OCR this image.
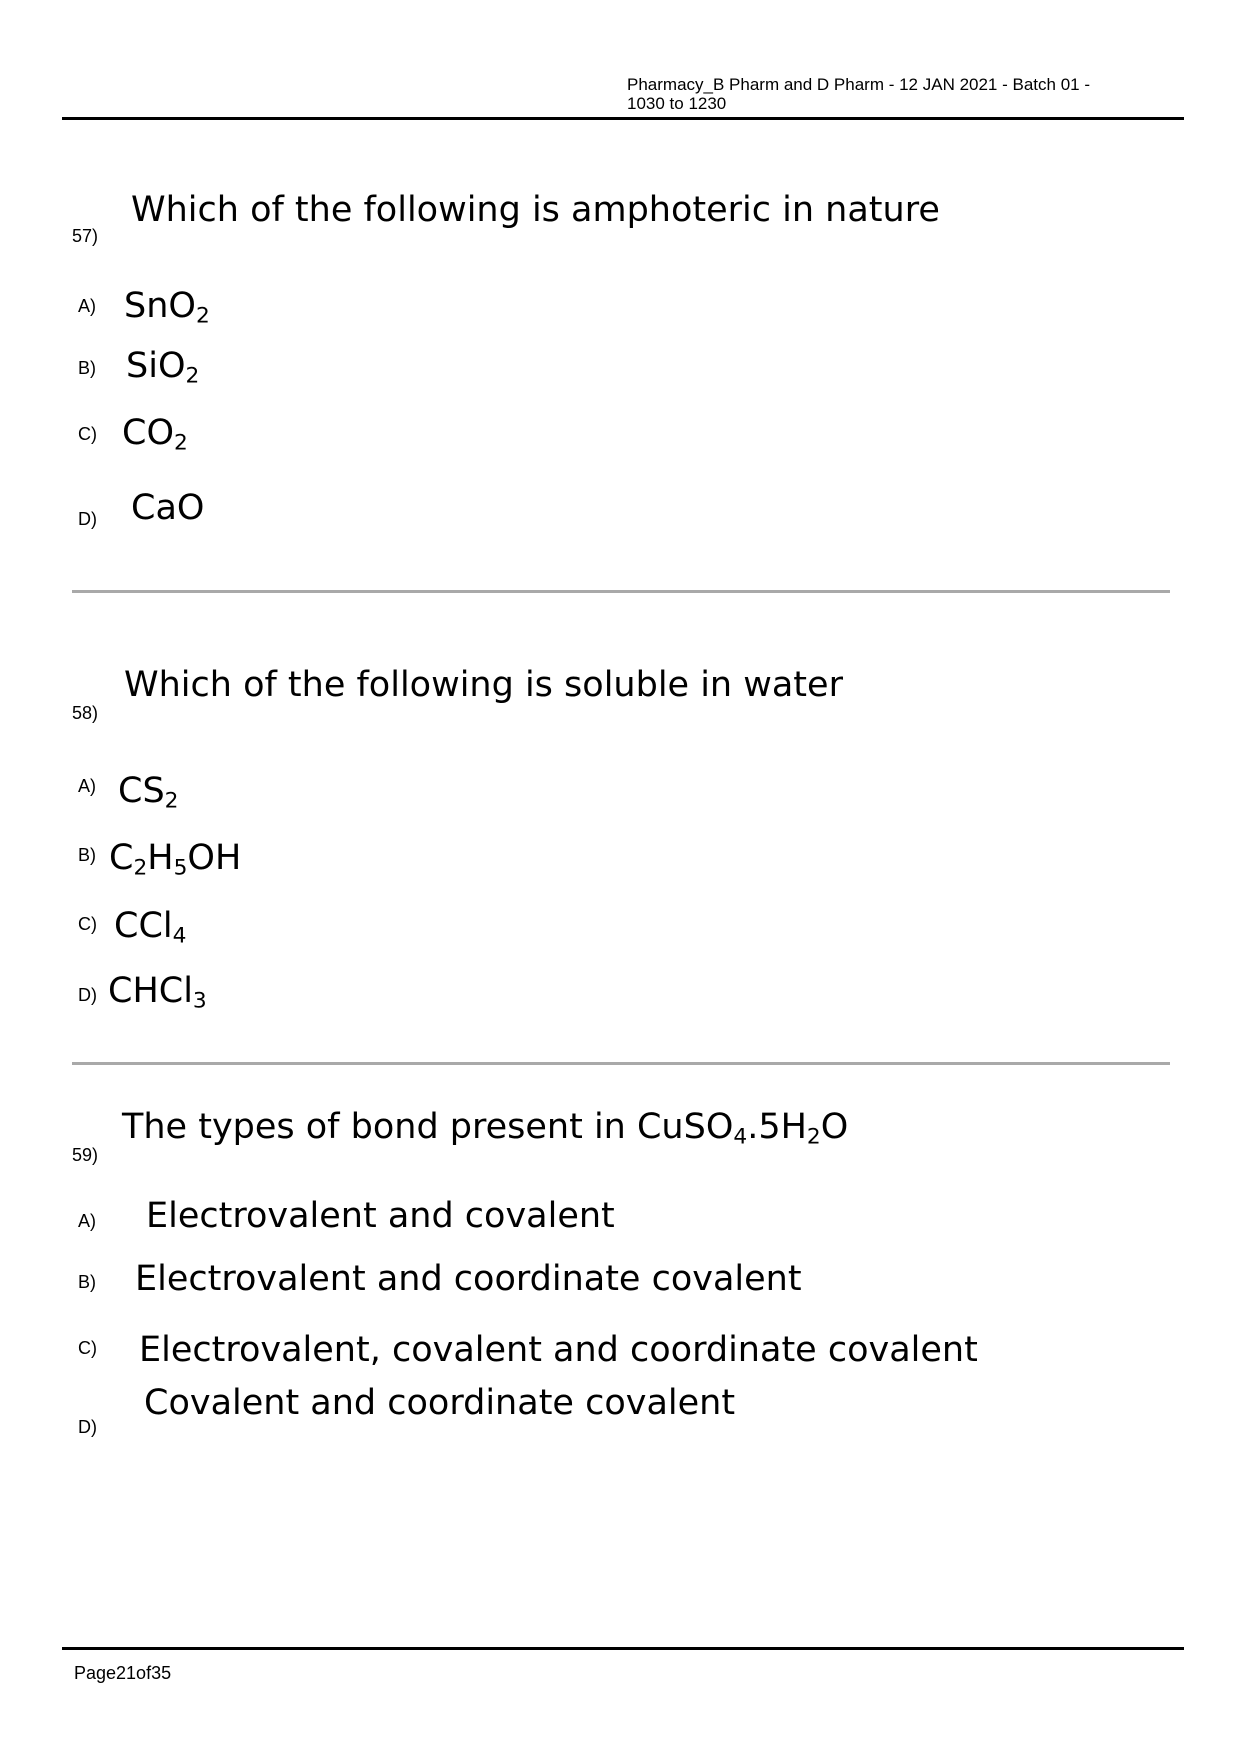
Pharmacy_B Pharm and D Pharm - 12 JAN 2021 - Batch 01 -
1030 to 1230
57)
Which of the following is amphoteric in nature
A) SnO$_2$
B) SiO$_2$
C) $CO_2$
D) CaO
58)
Which of the following is soluble in water
A) $CS_2$
B) $C_2H_5OH$
C) CCl$_4$
D) CHCl$_3$
59)
The types of bond present in $CuSO_4.5H_2O$
A) Electrovalent and covalent
B) Electrovalent and coordinate covalent
C) Electrovalent, covalent and coordinate covalent
D)
Covalent and coordinate covalent
Page21of35
